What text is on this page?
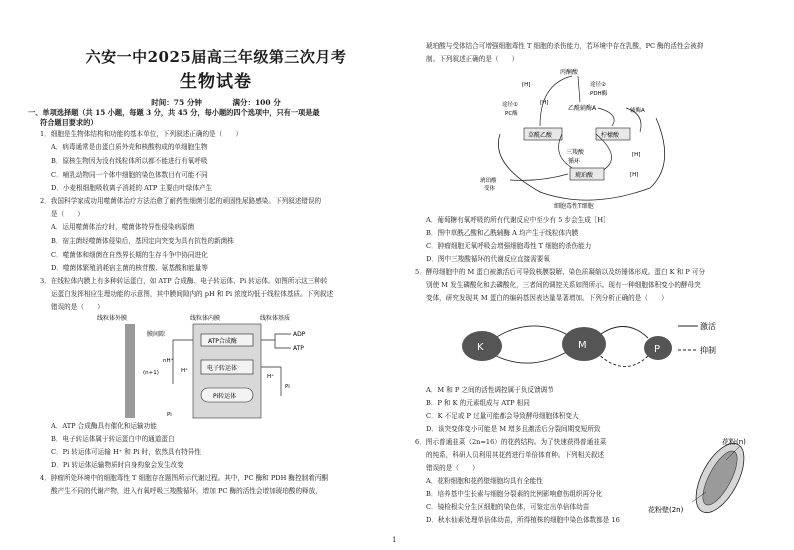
六安一中2025届高三年级第三次月考
生物试卷
时间：75 分钟	满分：100 分
一、单项选择题（共 15 小题，每题 3 分，共 45 分，每小题的四个选项中，只有一项是最
符合题目要求的）
1．细胞是生物体结构和功能的基本单位，下列叙述正确的是（　　）
A．病毒通常是由蛋白质外壳和核酸构成的单细胞生物
B．原核生物因为没有线粒体所以都不能进行有氧呼吸
C．哺乳动物同一个体中细胞的染色体数目有可能不同
D．小麦根细胞吸收离子消耗的 ATP 主要由叶绿体产生
2．我国科学家成功用噬菌体治疗方法治愈了耐药性细菌引起的顽固性尿路感染。下列叙述错误的
是（　　）
A．运用噬菌体治疗时，噬菌体特异性侵染病原菌
B．宿主菌经噬菌体侵染后，基因定向突变为具有抗性的新菌株
C．噬菌体和细菌在自然界长期的生存斗争中协同进化
D．噬菌体繁殖消耗宿主菌的核苷酸、氨基酸和能量等
3．在线粒体内膜上有多种转运蛋白，如 ATP 合成酶、电子转运体、Pi 转运体。如图所示这三种转
运蛋白发挥相应生理功能的示意图，其中膜间隙内的 pH 和 Pi 浓度均低于线粒体基质。下列叙述
错误的是（　　）
线粒体外膜	线粒体内膜	线粒体基质
膜间隙
ATP合成酶
ADP
ATP
nH⁺
(n+1)	H⁺	电子转运体
Pi转运体
H⁺
Pi
Pi
A．ATP 合成酶具有催化和运输功能
B．电子转运体属于转运蛋白中的通道蛋白
C．Pi 转运体可运输 H⁺ 和 Pi 时，依然具有特异性
D．Pi 转运体运输物质时自身构象会发生改变
4．肿瘤所处环境中的细胞毒性 T 细胞存在题图所示代谢过程。其中，PC 酶和 PDH 酶控制着丙酮
酸产生不同的代谢产物，进入有氧呼吸三羧酸循环，增加 PC 酶的活性会增加琥珀酸的释放，
琥珀酸与受体结合可增强细胞毒性 T 细胞的杀伤能力，若环境中存在乳酸，PC 酶的活性会被抑
制。下列叙述正确的是（　　）
丙酮酸
途径②
PDH酶
途径①
PC酶
[H]
乙酰辅酶A
[H]
辅酶A
草酰乙酸	柠檬酸
三羧酸
循环
琥珀酸
[H]
[H]
琥珀酸
受体
细胞毒性T细胞
A．葡萄糖有氧呼吸的所有代谢反应中至少有 5 步会生成［H］
B．图中草酰乙酸和乙酰辅酶 A 均产生于线粒体内膜
C．肿瘤细胞无氧呼吸会增强细胞毒性 T 细胞的杀伤能力
D．图中三羧酸循环的代谢反应直接需要氧
5．酵母细胞中的 M 蛋白被激活后可导致核膜裂解、染色质凝缩以及纺锤体形成。蛋白 K 和 P 可分
别使 M 发生磷酸化和去磷酸化，三者间的调控关系如图所示。现有一种细胞体积变小的酵母突
变体，研究发现其 M 蛋白的编码基因表达量显著增加。下列分析正确的是（　　）
K	M	P
激活
抑制
A．M 和 P 之间的活性调控属于负反馈调节
B．P 和 K 的元素组成与 ATP 相同
C．K 不足或 P 过量可能都会导致酵母细胞体积变大
D．该突变体变小可能是 M 增多且激活后分裂间期变短所致
6．图示普通韭菜（2n=16）的花药结构。为了快速获得普通韭菜
的纯系，科研人员利用其花药进行单倍体育种。下列相关叙述
错误的是（　　）
A．花粉细胞和花药壁细胞均具有全能性
B．培养基中生长素与细胞分裂素的比例影响愈伤组织再分化
C．镜检根尖分生区细胞的染色体，可鉴定出单倍体幼苗
D．秋水仙素处理单倍体幼苗，所得植株的细胞中染色体数都是 16
花粉(n)
花粉壁(2n)
1
